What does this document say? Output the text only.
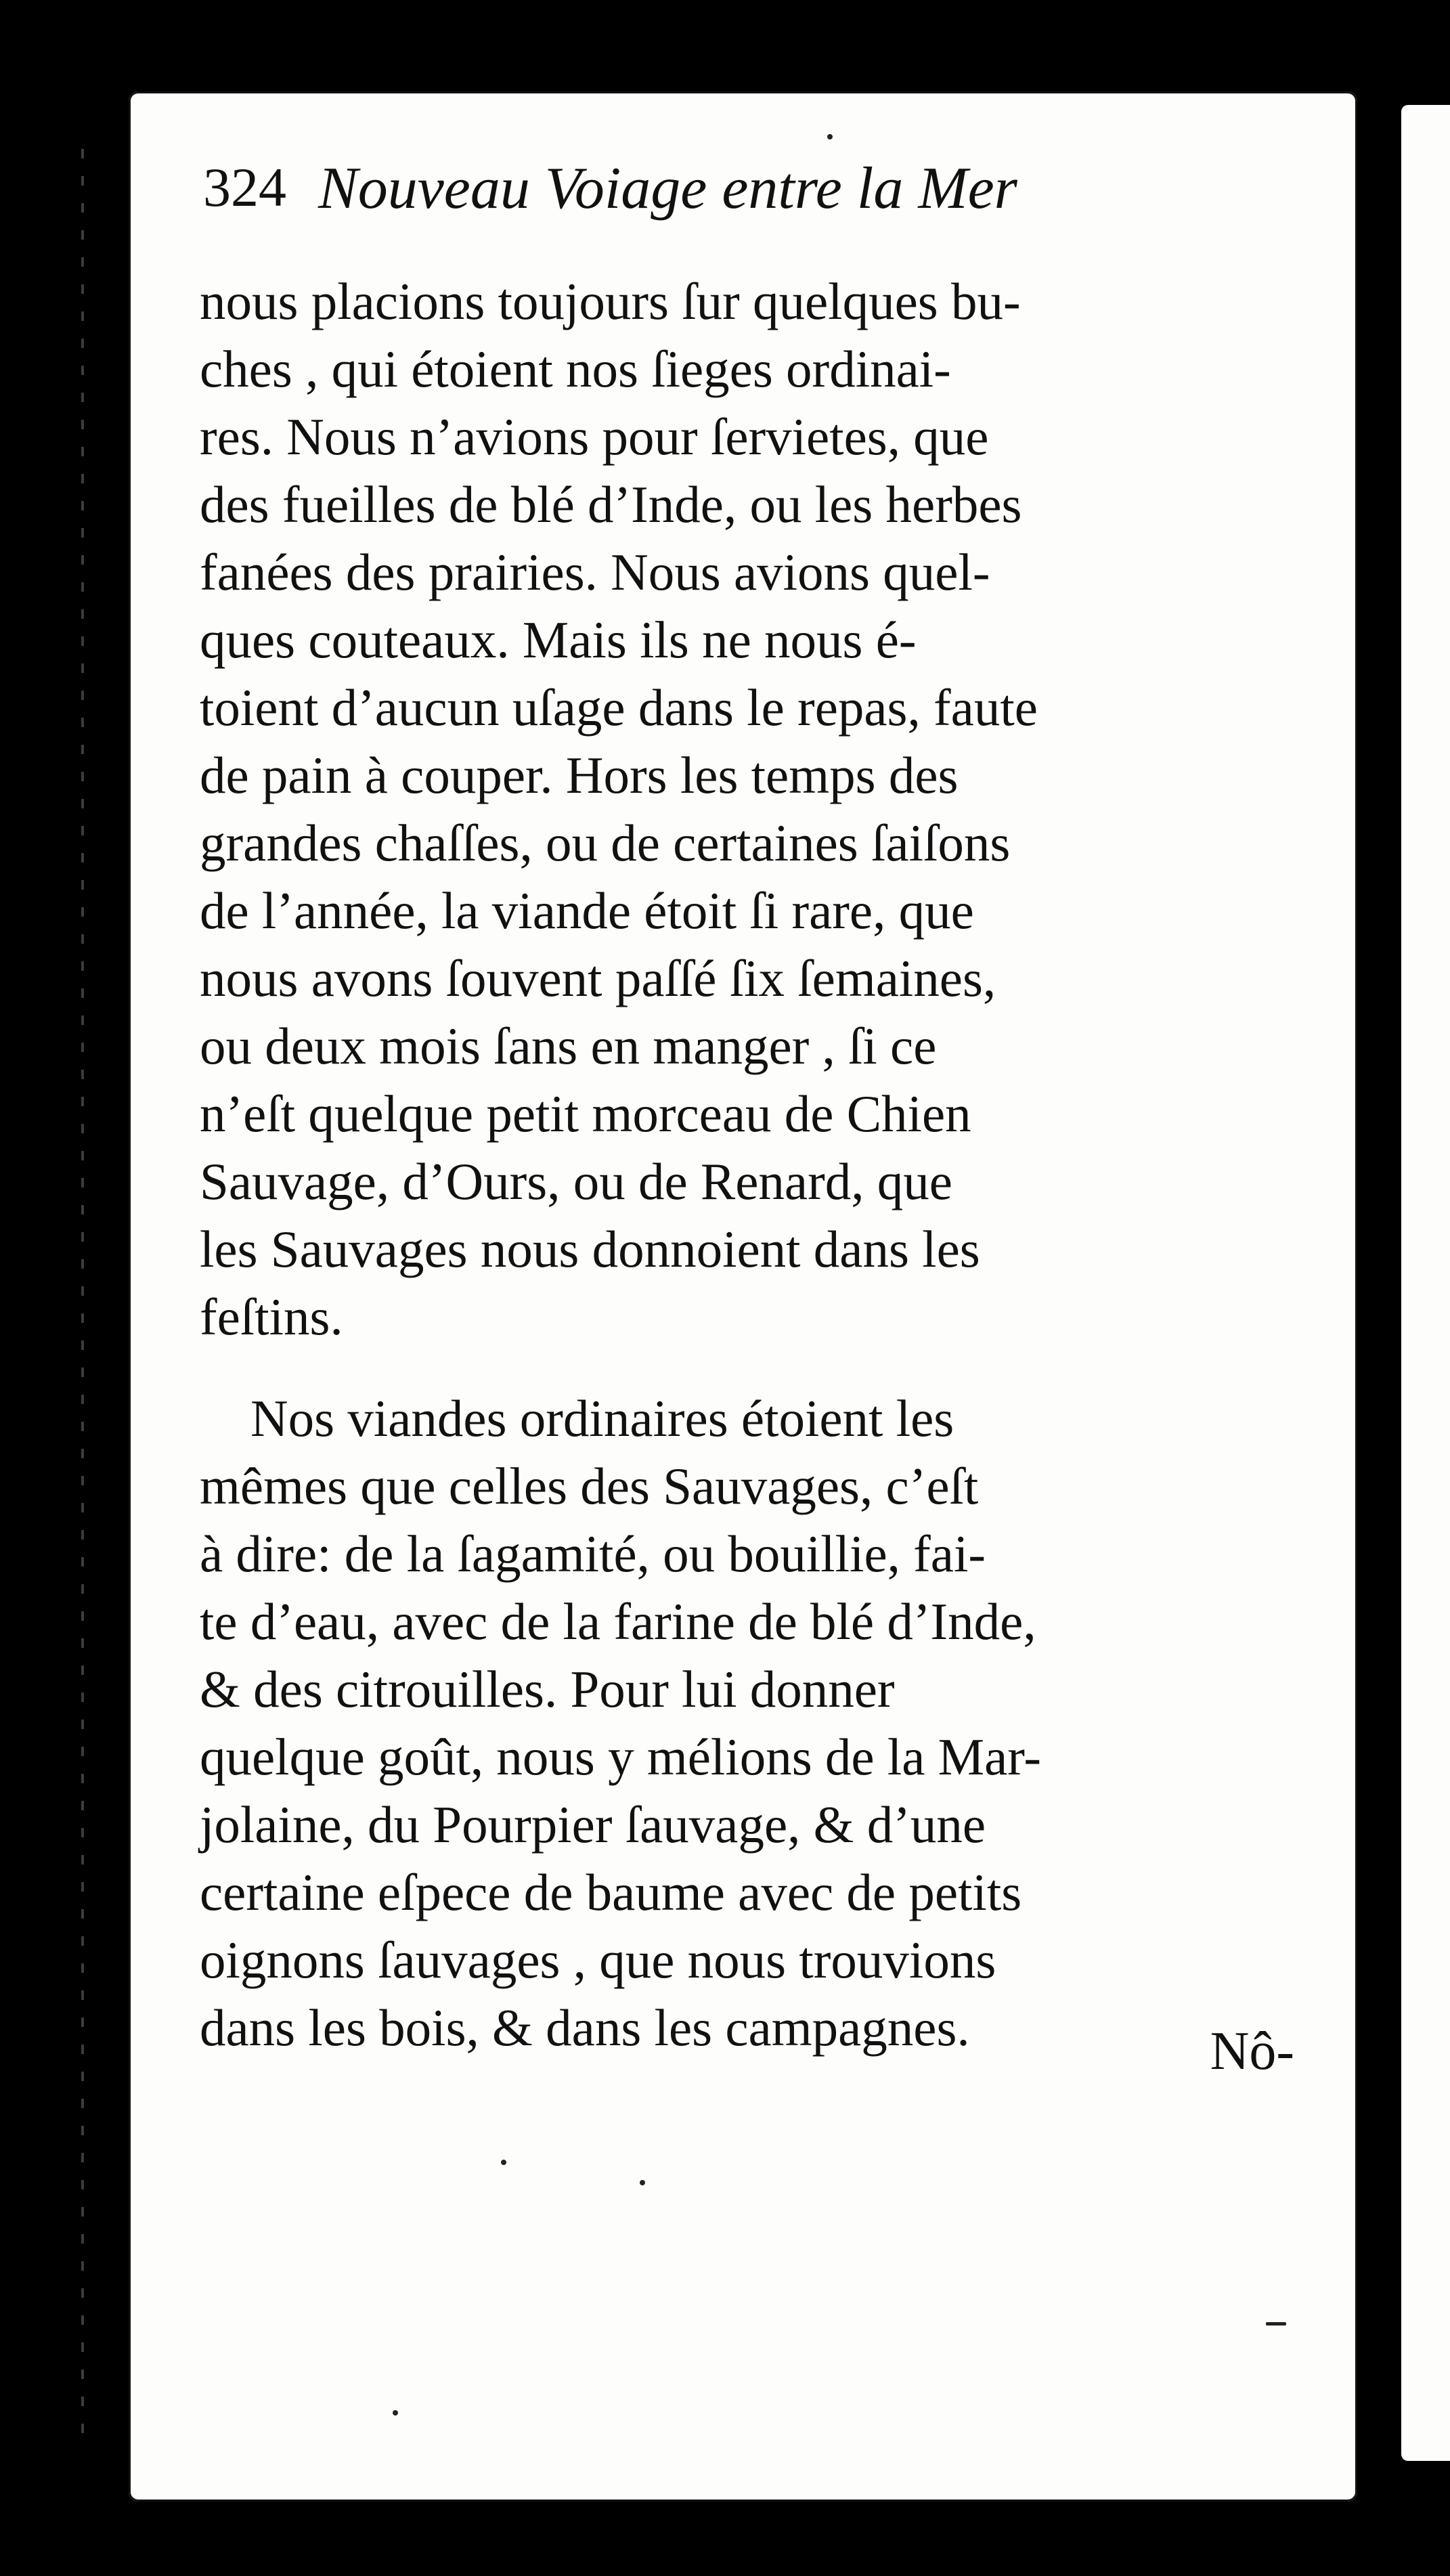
324 Nouveau Voiage entre la Mer
nous placions toujours ſur quelques bu-
ches , qui étoient nos ſieges ordinai-
res. Nous n’avions pour ſervietes, que
des fueilles de blé d’Inde, ou les herbes
fanées des prairies. Nous avions quel-
ques couteaux. Mais ils ne nous é-
toient d’aucun uſage dans le repas, faute
de pain à couper. Hors les temps des
grandes chaſſes, ou de certaines ſaiſons
de l’année, la viande étoit ſi rare, que
nous avons ſouvent paſſé ſix ſemaines,
ou deux mois ſans en manger , ſi ce
n’eſt quelque petit morceau de Chien
Sauvage, d’Ours, ou de Renard, que
les Sauvages nous donnoient dans les
feſtins.
Nos viandes ordinaires étoient les
mêmes que celles des Sauvages, c’eſt
à dire: de la ſagamité, ou bouillie, fai-
te d’eau, avec de la farine de blé d’Inde,
& des citrouilles. Pour lui donner
quelque goût, nous y mélions de la Mar-
jolaine, du Pourpier ſauvage, & d’une
certaine eſpece de baume avec de petits
oignons ſauvages , que nous trouvions
dans les bois, & dans les campagnes.	Nô-
